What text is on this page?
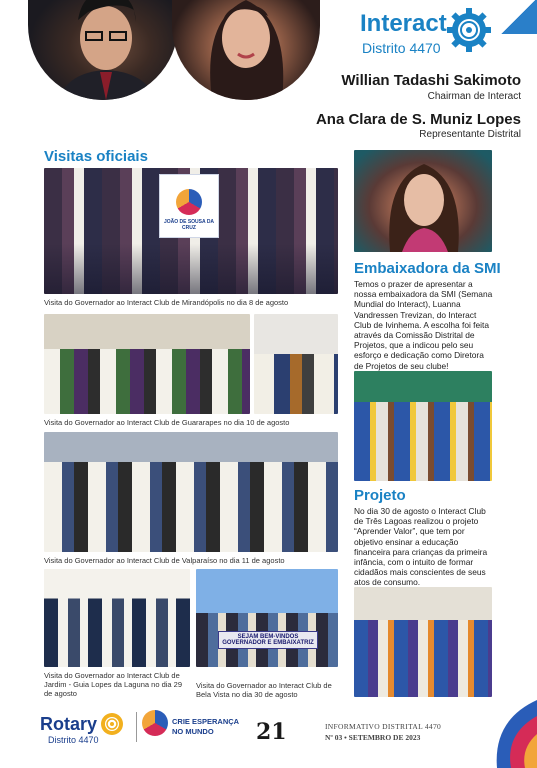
Interact
Distrito 4470
Willian Tadashi Sakimoto
Chairman de Interact
Ana Clara de S. Muniz Lopes
Representante Distrital
Visitas oficiais
JOÃO DE SOUSA DA CRUZ
Visita do Governador ao Interact Club de Mirandópolis no dia 8 de agosto
Visita do Governador ao Interact Club de Guararapes no dia 10 de agosto
Visita do Governador ao Interact Club de Valparaíso no dia 11 de agosto
SEJAM BEM-VINDOS GOVERNADOR E EMBAIXATRIZ
Visita do Governador ao Interact Club de Jardim - Guia Lopes da Laguna no dia 29 de agosto
Visita do Governador ao Interact Club de Bela Vista no dia 30 de agosto
Embaixadora da SMI
Temos o prazer de apresentar a nossa embaixadora da SMI (Semana Mundial do Interact), Luanna Vandressen Trevizan, do Interact Club de Ivinhema. A escolha foi feita através da Comissão Distrital de Projetos, que a indicou pelo seu esforço e dedicação como Diretora de Projetos de seu clube!
Projeto
No dia 30 de agosto o Interact Club de Três Lagoas realizou o projeto “Aprender Valor”, que tem por objetivo ensinar a educação financeira para crianças da primeira infância, com o intuito de formar cidadãos mais conscientes de seus atos de consumo.
Rotary
Distrito 4470
CRIE ESPERANÇA
NO MUNDO 21	INFORMATIVO DISTRITAL 4470
Nº 03 • SETEMBRO DE 2023
